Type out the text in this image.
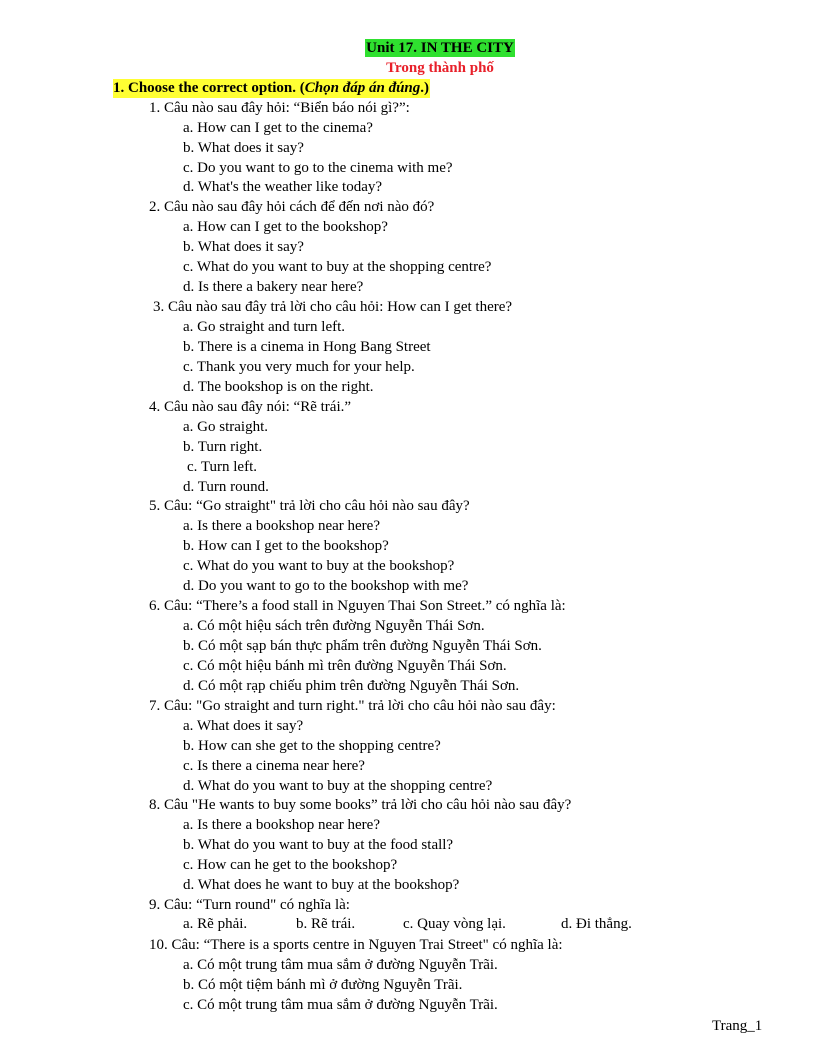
Unit 17. IN THE CITY
Trong thành phố
1. Choose the correct option. (Chọn đáp án đúng.)
1. Câu nào sau đây hỏi: “Biển báo nói gì?”:
a. How can I get to the cinema?
b. What does it say?
c. Do you want to go to the cinema with me?
d. What's the weather like today?
2. Câu nào sau đây hỏi cách để đến nơi nào đó?
a. How can I get to the bookshop?
b. What does it say?
c. What do you want to buy at the shopping centre?
d. Is there a bakery near here?
3. Câu nào sau đây trả lời cho câu hỏi: How can I get there?
a. Go straight and turn left.
b. There is a cinema in Hong Bang Street
c. Thank you very much for your help.
d. The bookshop is on the right.
4. Câu nào sau đây nói: “Rẽ trái.”
a. Go straight.
b. Turn right.
c. Turn left.
d. Turn round.
5. Câu: “Go straight" trả lời cho câu hỏi nào sau đây?
a. Is there a bookshop near here?
b. How can I get to the bookshop?
c. What do you want to buy at the bookshop?
d. Do you want to go to the bookshop with me?
6. Câu: “There’s a food stall in Nguyen Thai Son Street.” có nghĩa là:
a. Có một hiệu sách trên đường Nguyễn Thái Sơn.
b. Có một sạp bán thực phẩm trên đường Nguyễn Thái Sơn.
c. Có một hiệu bánh mì trên đường Nguyễn Thái Sơn.
d. Có một rạp chiếu phim trên đường Nguyễn Thái Sơn.
7. Câu: "Go straight and turn right." trả lời cho câu hỏi nào sau đây:
a. What does it say?
b. How can she get to the shopping centre?
c. Is there a cinema near here?
d. What do you want to buy at the shopping centre?
8. Câu "He wants to buy some books” trả lời cho câu hỏi nào sau đây?
a. Is there a bookshop near here?
b. What do you want to buy at the food stall?
c. How can he get to the bookshop?
d. What does he want to buy at the bookshop?
9. Câu: “Turn round" có nghĩa là:
a. Rẽ phải.	b. Rẽ trái.	c. Quay vòng lại.	d. Đi thẳng.
10. Câu: “There is a sports centre in Nguyen Trai Street" có nghĩa là:
a. Có một trung tâm mua sắm ở đường Nguyễn Trãi.
b. Có một tiệm bánh mì ở đường Nguyễn Trãi.
c. Có một trung tâm mua sắm ở đường Nguyễn Trãi.
Trang_1
